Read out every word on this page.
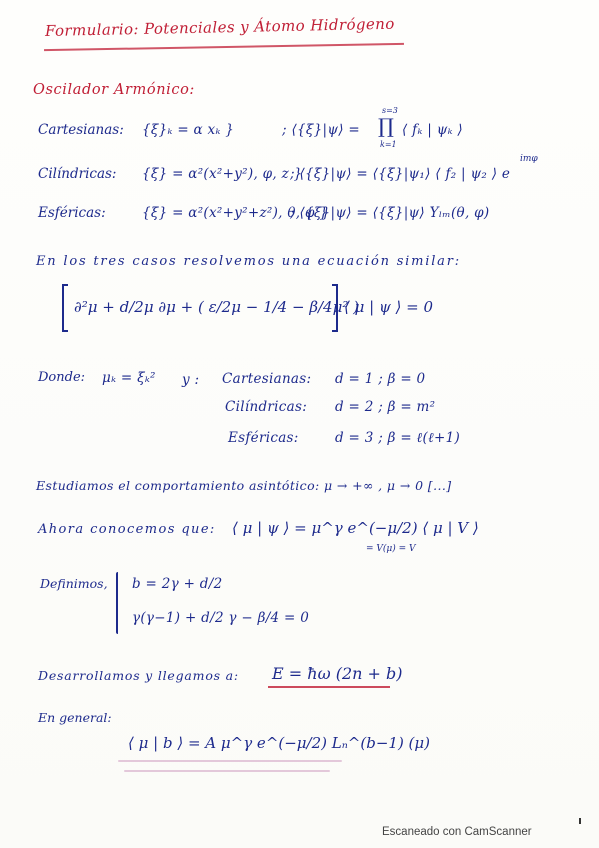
Formulario: Potenciales y Átomo Hidrógeno
Oscilador Armónico:
Cartesianas: {ξ}ₖ = α xₖ }	; ⟨{ξ}|ψ⟩ =
s=3
∏
k=1
⟨ fₖ | ψₖ ⟩
Cilíndricas: {ξ} = α²(x²+y²), φ, z }
; ⟨{ξ}|ψ⟩ = ⟨{ξ}|ψ₁⟩ ⟨ f₂ | ψ₂ ⟩ e
imφ
Esféricas:	{ξ} = α²(x²+y²+z²), θ, φ }
; ⟨{ξ}|ψ⟩ = ⟨{ξ}|ψ⟩ Yₗₘ(θ, φ)
En los tres casos resolvemos una ecuación similar:
∂²μ + d/2μ ∂μ + ( ε/2μ − 1/4 − β/4μ² )
⟨ μ | ψ ⟩ = 0
Donde: μₖ = ξₖ² y : Cartesianas: d = 1 ; β = 0
Cilíndricas: d = 2 ; β = m²
Esféricas:	d = 3 ; β = ℓ(ℓ+1)
Estudiamos el comportamiento asintótico: μ → +∞ , μ → 0 [...]
Ahora conocemos que: ⟨ μ | ψ ⟩ = μ^γ e^(−μ/2) ⟨ μ | V ⟩
= V(μ) = V
Definimos, b = 2γ + d/2
γ(γ−1) + d/2 γ − β/4 = 0
Desarrollamos y llegamos a: E = ħω (2n + b)
En general:
⟨ μ | b ⟩ = A μ^γ e^(−μ/2) Lₙ^(b−1) (μ)
Escaneado con CamScanner
